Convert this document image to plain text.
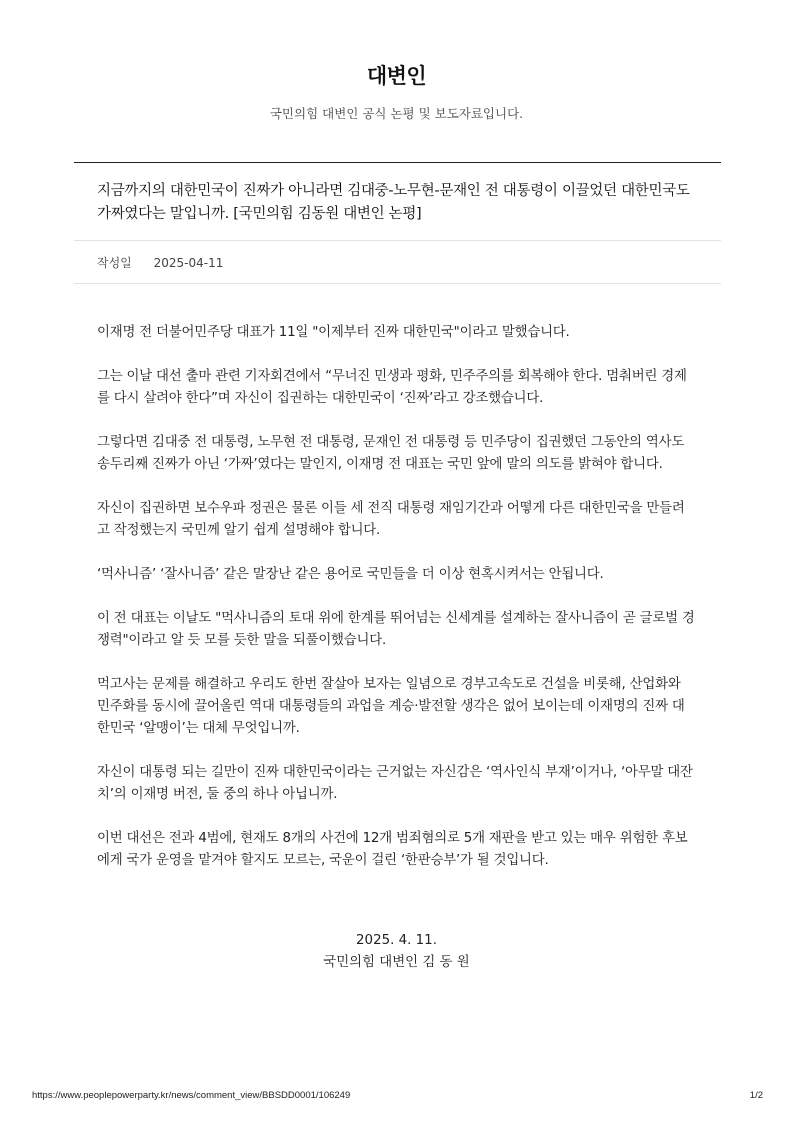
대변인
국민의힘 대변인 공식 논평 및 보도자료입니다.
지금까지의 대한민국이 진짜가 아니라면 김대중-노무현-문재인 전 대통령이 이끌었던 대한민국도 가짜였다는 말입니까. [국민의힘 김동원 대변인 논평]
작성일 2025-04-11

이재명 전 더불어민주당 대표가 11일 "이제부터 진짜 대한민국"이라고 말했습니다.

그는 이날 대선 출마 관련 기자회견에서 “무너진 민생과 평화, 민주주의를 회복해야 한다. 멈춰버린 경제를 다시 살려야 한다”며 자신이 집권하는 대한민국이 ‘진짜’라고 강조했습니다.

그렇다면 김대중 전 대통령, 노무현 전 대통령, 문재인 전 대통령 등 민주당이 집권했던 그동안의 역사도 송두리째 진짜가 아닌 ‘가짜’였다는 말인지, 이재명 전 대표는 국민 앞에 말의 의도를 밝혀야 합니다.

자신이 집권하면 보수우파 정권은 물론 이들 세 전직 대통령 재임기간과 어떻게 다른 대한민국을 만들려고 작정했는지 국민께 알기 쉽게 설명해야 합니다.

‘먹사니즘’ ‘잘사니즘’ 같은 말장난 같은 용어로 국민들을 더 이상 현혹시켜서는 안됩니다.

이 전 대표는 이날도 "먹사니즘의 토대 위에 한계를 뛰어넘는 신세계를 설계하는 잘사니즘이 곧 글로벌 경쟁력"이라고 알 듯 모를 듯한 말을 되풀이했습니다.

먹고사는 문제를 해결하고 우리도 한번 잘살아 보자는 일념으로 경부고속도로 건설을 비롯해, 산업화와 민주화를 동시에 끌어올린 역대 대통령들의 과업을 계승·발전할 생각은 없어 보이는데 이재명의 진짜 대한민국 ‘알맹이’는 대체 무엇입니까.

자신이 대통령 되는 길만이 진짜 대한민국이라는 근거없는 자신감은 ‘역사인식 부재’이거나, ‘아무말 대잔치’의 이재명 버전, 둘 중의 하나 아닙니까.

이번 대선은 전과 4범에, 현재도 8개의 사건에 12개 범죄혐의로 5개 재판을 받고 있는 매우 위험한 후보에게 국가 운영을 맡겨야 할지도 모르는, 국운이 걸린 ‘한판승부’가 될 것입니다.

2025. 4. 11.
국민의힘 대변인 김 동 원
https://www.peoplepowerparty.kr/news/comment_view/BBSDD0001/106249	1/2
